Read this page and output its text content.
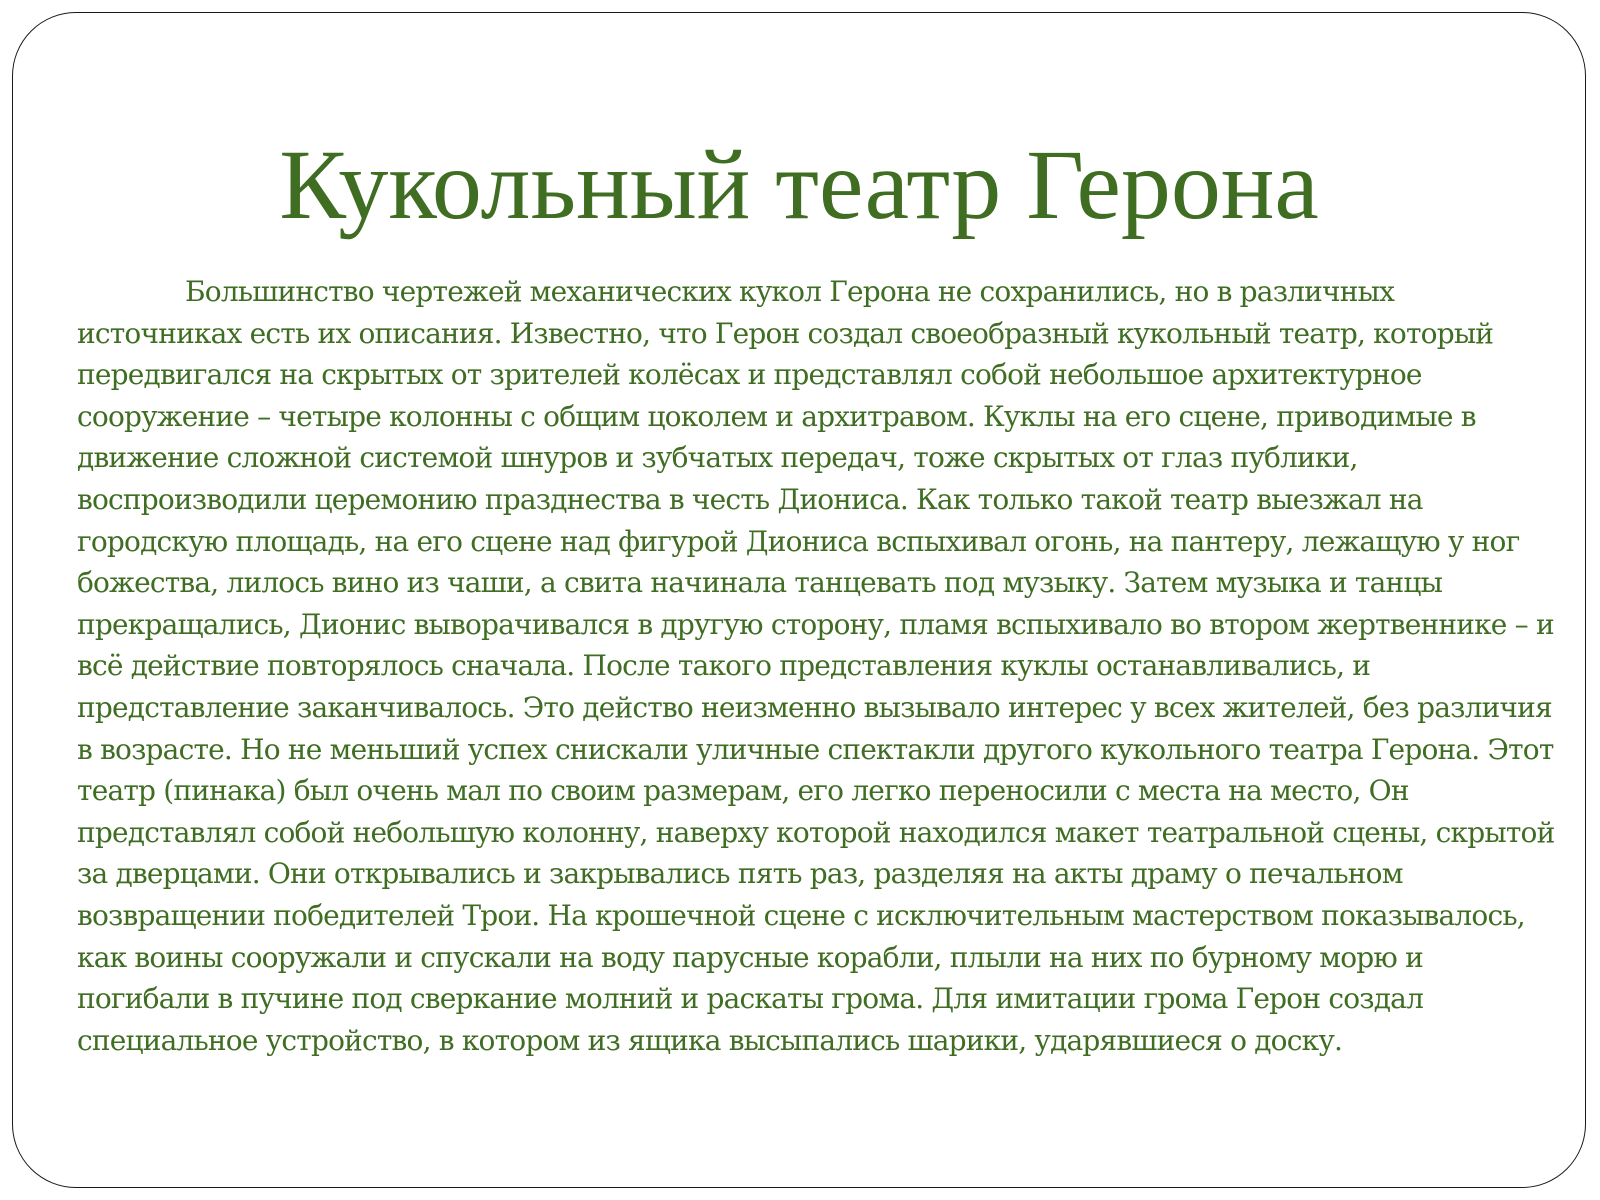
Кукольный театр Герона

Большинство чертежей механических кукол Герона не сохранились, но в различных источниках есть их описания. Известно, что Герон создал своеобразный кукольный театр, который передвигался на скрытых от зрителей колёсах и представлял собой небольшое архитектурное сооружение – четыре колонны с общим цоколем и архитравом. Куклы на его сцене, приводимые в движение сложной системой шнуров и зубчатых передач, тоже скрытых от глаз публики, воспроизводили церемонию празднества в честь Диониса. Как только такой театр выезжал на городскую площадь, на его сцене над фигурой Диониса вспыхивал огонь, на пантеру, лежащую у ног божества, лилось вино из чаши, а свита начинала танцевать под музыку. Затем музыка и танцы прекращались, Дионис выворачивался в другую сторону, пламя вспыхивало во втором жертвеннике – и всё действие повторялось сначала. После такого представления куклы останавливались, и представление заканчивалось. Это действо неизменно вызывало интерес у всех жителей, без различия в возрасте. Но не меньший успех снискали уличные спектакли другого кукольного театра Герона. Этот театр (пинака) был очень мал по своим размерам, его легко переносили с места на место, Он представлял собой небольшую колонну, наверху которой находился макет театральной сцены, скрытой за дверцами. Они открывались и закрывались пять раз, разделяя на акты драму о печальном возвращении победителей Трои. На крошечной сцене с исключительным мастерством показывалось, как воины сооружали и спускали на воду парусные корабли, плыли на них по бурному морю и погибали в пучине под сверкание молний и раскаты грома. Для имитации грома Герон создал специальное устройство, в котором из ящика высыпались шарики, ударявшиеся о доску.
